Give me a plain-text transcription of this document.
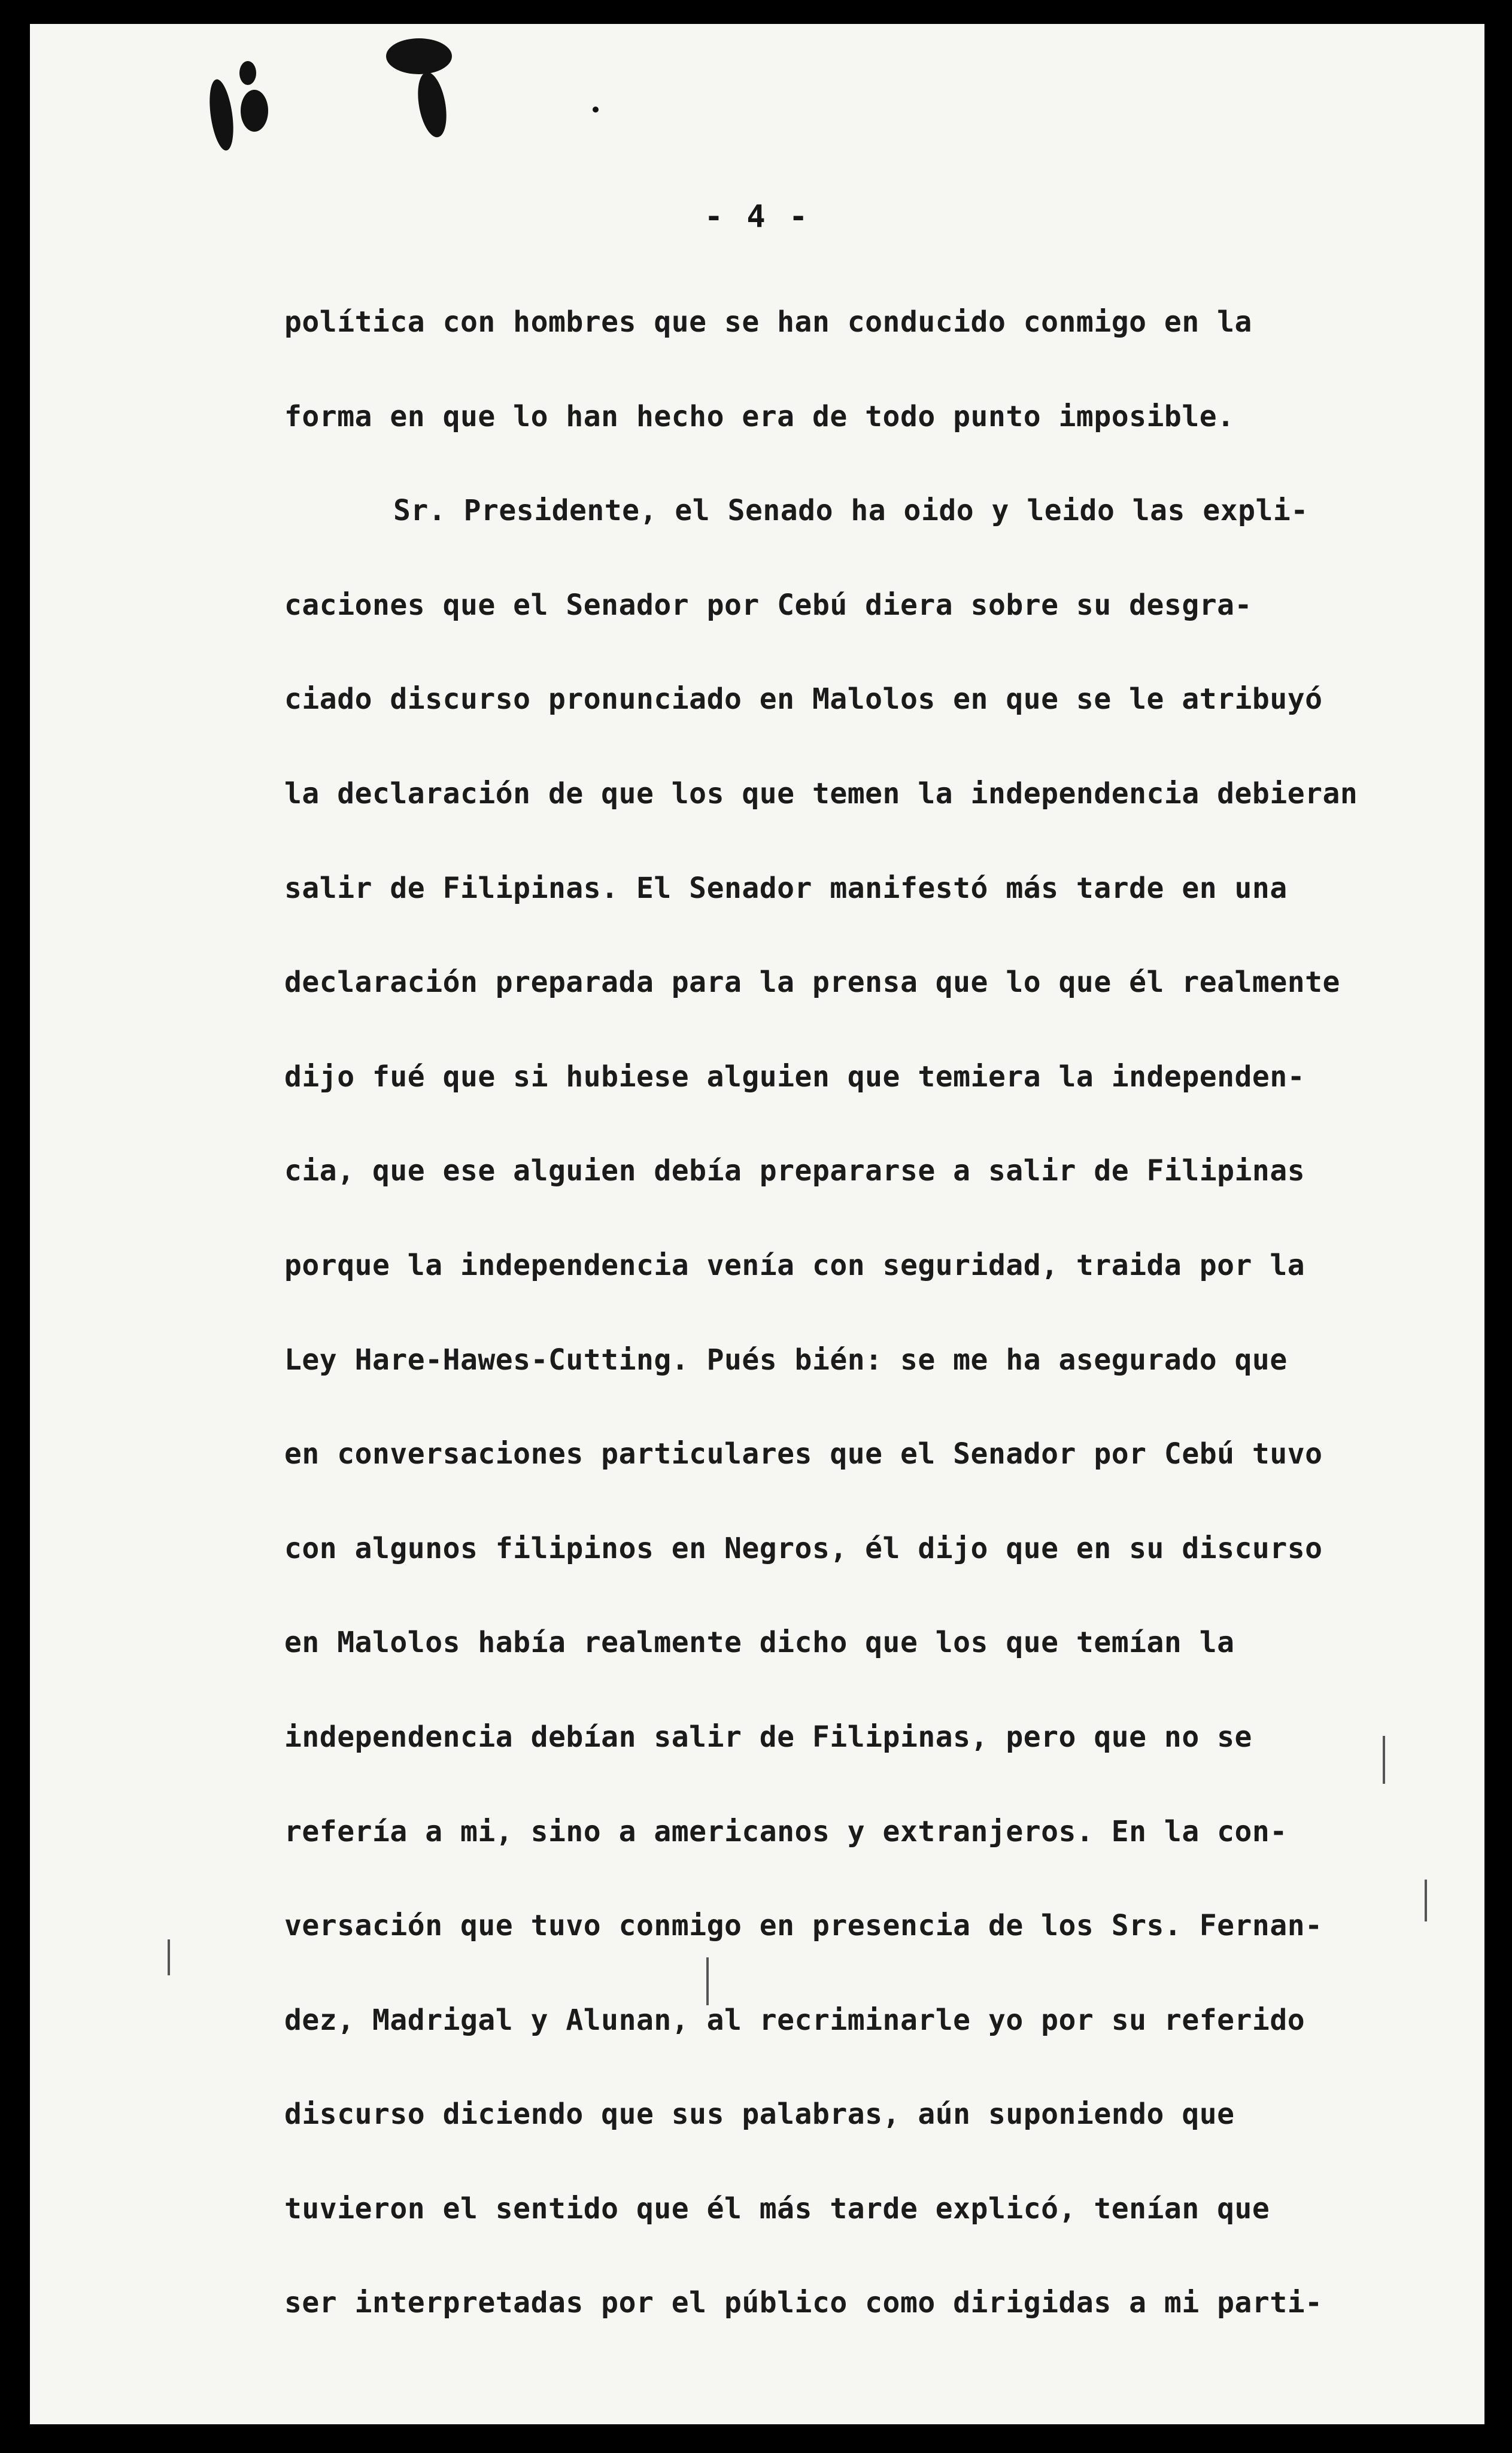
- 4 -
política con hombres que se han conducido conmigo en la
forma en que lo han hecho era de todo punto imposible.
Sr. Presidente, el Senado ha oido y leido las expli-
caciones que el Senador por Cebú diera sobre su desgra-
ciado discurso pronunciado en Malolos en que se le atribuyó
la declaración de que los que temen la independencia debieran
salir de Filipinas. El Senador manifestó más tarde en una
declaración preparada para la prensa que lo que él realmente
dijo fué que si hubiese alguien que temiera la independen-
cia, que ese alguien debía prepararse a salir de Filipinas
porque la independencia venía con seguridad, traida por la
Ley Hare-Hawes-Cutting. Pués bién: se me ha asegurado que
en conversaciones particulares que el Senador por Cebú tuvo
con algunos filipinos en Negros, él dijo que en su discurso
en Malolos había realmente dicho que los que temían la
independencia debían salir de Filipinas, pero que no se
refería a mi, sino a americanos y extranjeros. En la con-
versación que tuvo conmigo en presencia de los Srs. Fernan-
dez, Madrigal y Alunan, al recriminarle yo por su referido
discurso diciendo que sus palabras, aún suponiendo que
tuvieron el sentido que él más tarde explicó, tenían que
ser interpretadas por el público como dirigidas a mi parti-
